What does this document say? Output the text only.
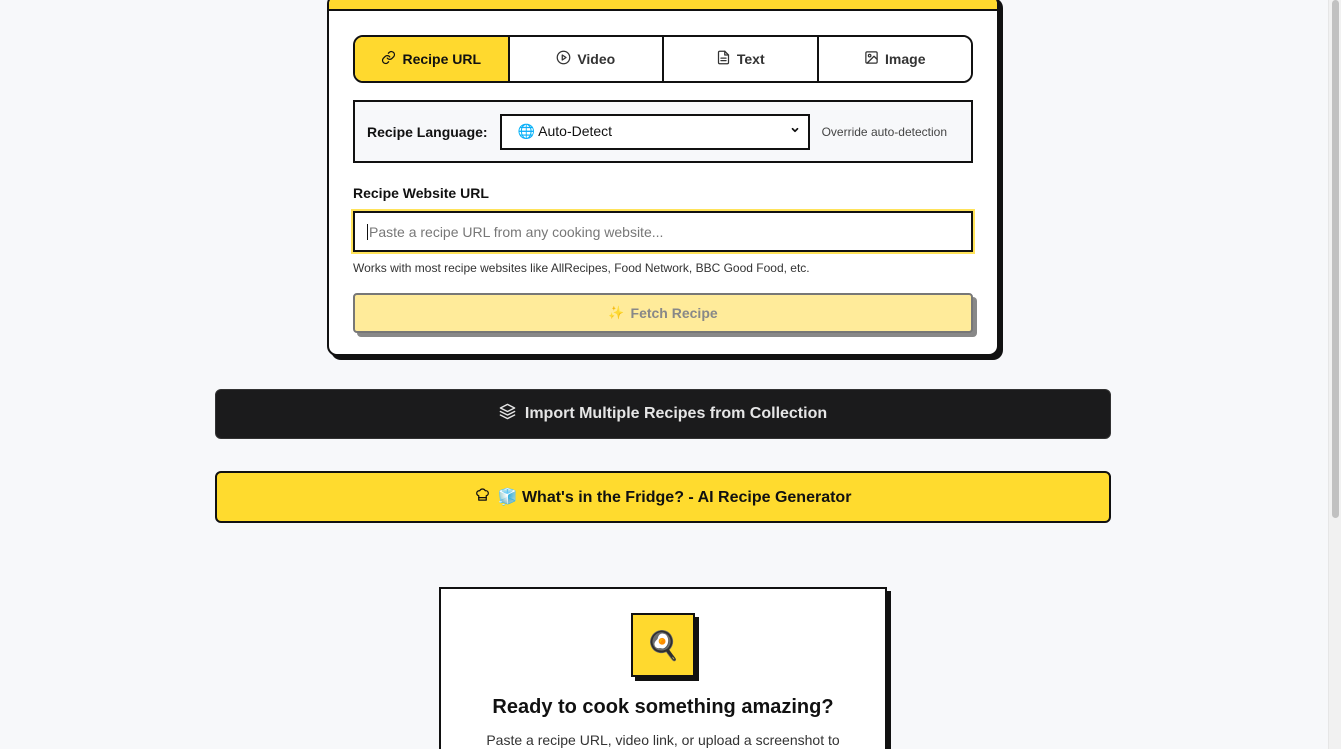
Recipe URL	Video	Text	Image
Recipe Language: 🌐 Auto-Detect	Override auto-detection
Recipe Website URL
Paste a recipe URL from any cooking website...
Works with most recipe websites like AllRecipes, Food Network, BBC Good Food, etc.
✨ Fetch Recipe
Import Multiple Recipes from Collection
🧊 What's in the Fridge? - AI Recipe Generator
🍳
Ready to cook something amazing?
Paste a recipe URL, video link, or upload a screenshot to
